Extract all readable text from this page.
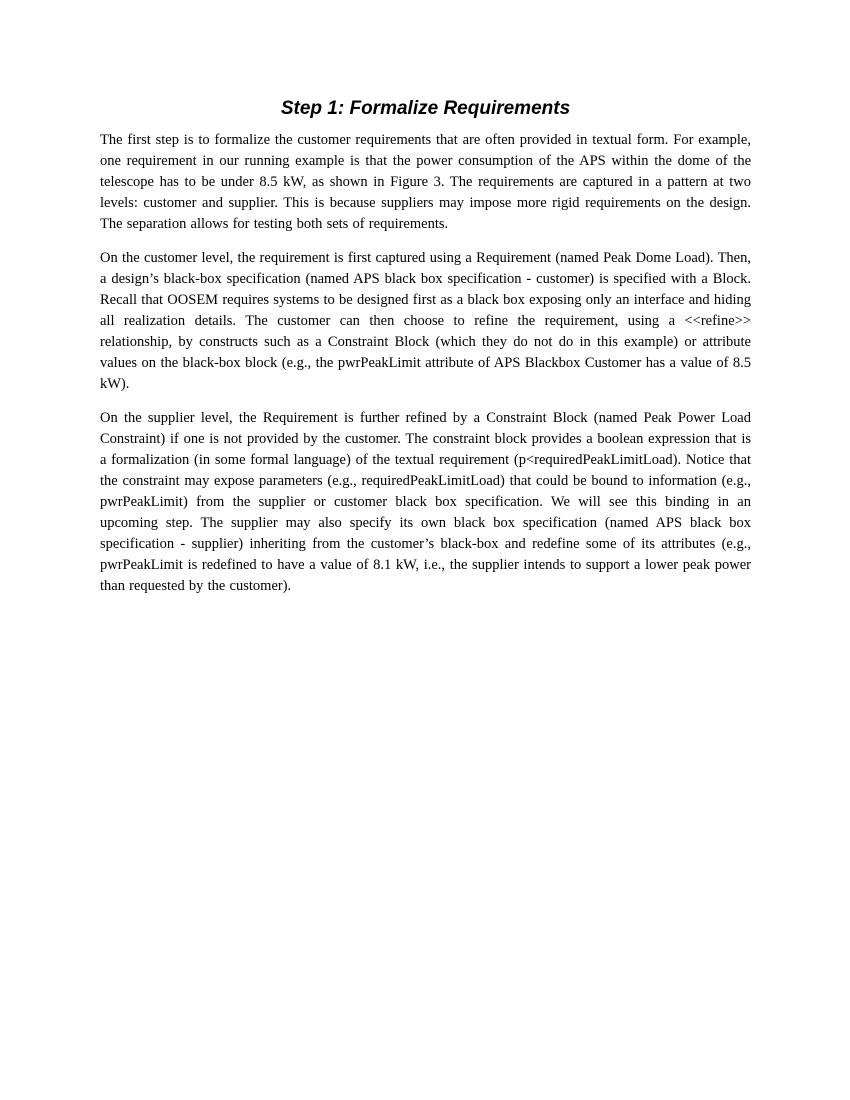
Step 1: Formalize Requirements

The first step is to formalize the customer requirements that are often provided in textual form. For example, one requirement in our running example is that the power consumption of the APS within the dome of the telescope has to be under 8.5 kW, as shown in Figure 3. The requirements are captured in a pattern at two levels: customer and supplier. This is because suppliers may impose more rigid requirements on the design. The separation allows for testing both sets of requirements.

On the customer level, the requirement is first captured using a Requirement (named Peak Dome Load). Then, a design’s black-box specification (named APS black box specification - customer) is specified with a Block. Recall that OOSEM requires systems to be designed first as a black box exposing only an interface and hiding all realization details. The customer can then choose to refine the requirement, using a <<refine>> relationship, by constructs such as a Constraint Block (which they do not do in this example) or attribute values on the black-box block (e.g., the pwrPeakLimit attribute of APS Blackbox Customer has a value of 8.5 kW).

On the supplier level, the Requirement is further refined by a Constraint Block (named Peak Power Load Constraint) if one is not provided by the customer. The constraint block provides a boolean expression that is a formalization (in some formal language) of the textual requirement (p<requiredPeakLimitLoad). Notice that the constraint may expose parameters (e.g., requiredPeakLimitLoad) that could be bound to information (e.g., pwrPeakLimit) from the supplier or customer black box specification. We will see this binding in an upcoming step. The supplier may also specify its own black box specification (named APS black box specification - supplier) inheriting from the customer’s black-box and redefine some of its attributes (e.g., pwrPeakLimit is redefined to have a value of 8.1 kW, i.e., the supplier intends to support a lower peak power than requested by the customer).
